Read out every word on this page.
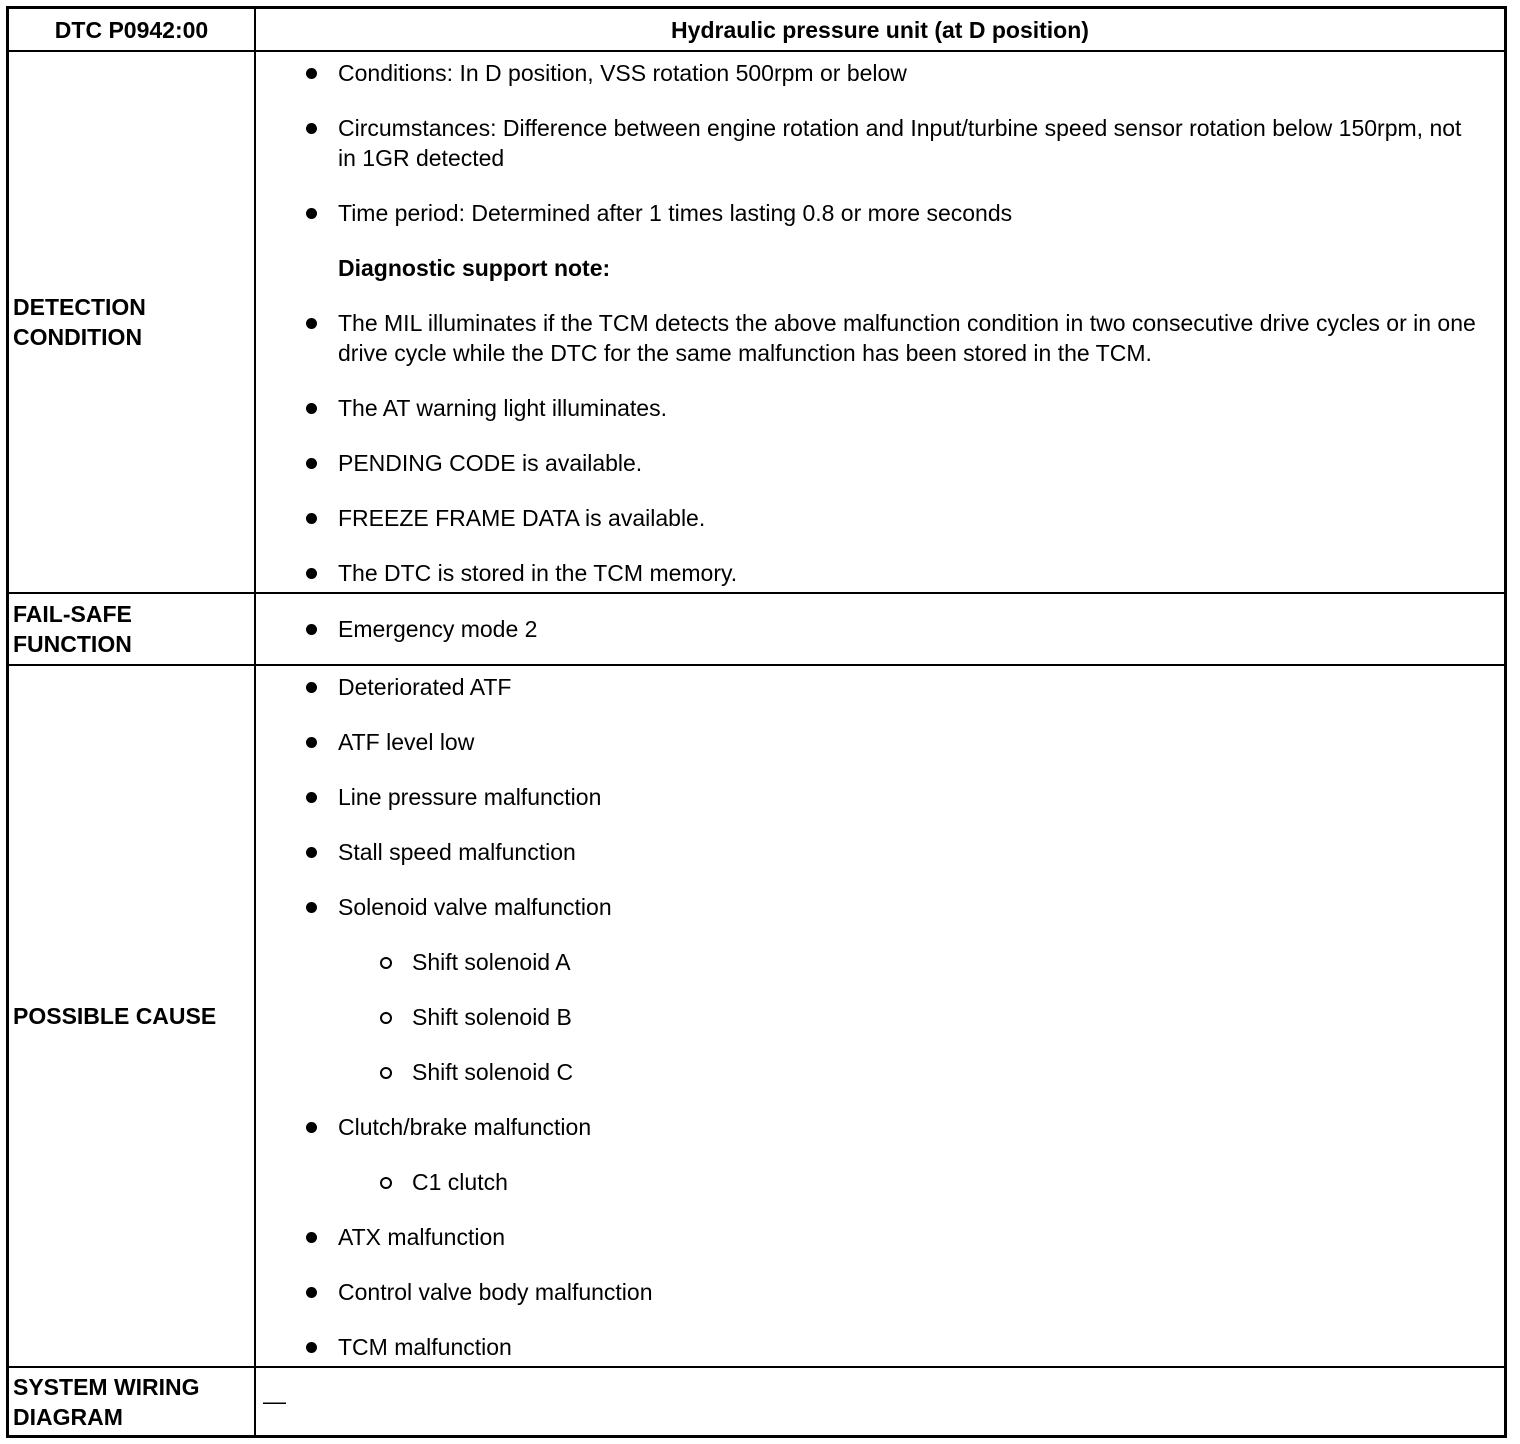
DTC P0942:00	Hydraulic pressure unit (at D position)
DETECTION CONDITION
Conditions: In D position, VSS rotation 500rpm or below
Circumstances: Difference between engine rotation and Input/turbine speed sensor rotation below 150rpm, not in 1GR detected
Time period: Determined after 1 times lasting 0.8 or more seconds
Diagnostic support note:
The MIL illuminates if the TCM detects the above malfunction condition in two consecutive drive cycles or in one drive cycle while the DTC for the same malfunction has been stored in the TCM.
The AT warning light illuminates.
PENDING CODE is available.
FREEZE FRAME DATA is available.
The DTC is stored in the TCM memory.
FAIL-SAFE FUNCTION
Emergency mode 2
POSSIBLE CAUSE
Deteriorated ATF
ATF level low
Line pressure malfunction
Stall speed malfunction
Solenoid valve malfunction
Shift solenoid A
Shift solenoid B
Shift solenoid C
Clutch/brake malfunction
C1 clutch
ATX malfunction
Control valve body malfunction
TCM malfunction
SYSTEM WIRING DIAGRAM
—
